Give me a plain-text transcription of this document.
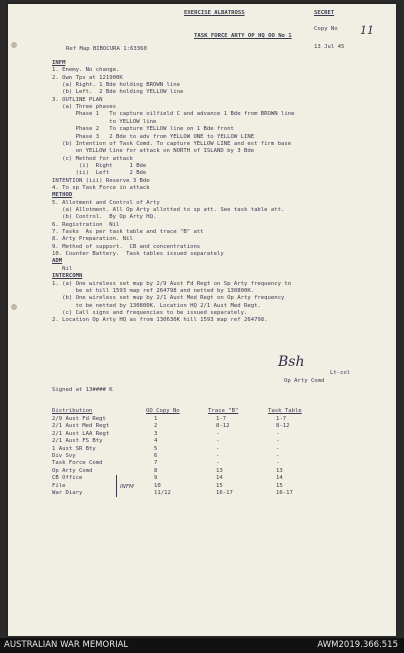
EXERCISE ALBATROSS	SECRET
Copy No 11
TASK FORCE ARTY OP HQ OO No 1
Ref Map BIBOCURA 1:63360	13 Jul 45
INFM
1. Enemy. No change.
2. Own Tps at 121900K
(a) Right. 1 Bde holding BROWN line
(b) Left.  2 Bde holding YELLOW line
3. OUTLINE PLAN
(a) Three phases
Phase 1   To capture oilfield C and advance 1 Bde from BROWN line
to YELLOW line
Phase 2   To capture YELLOW line on 1 Bde front
Phase 3   2 Bde to adv from YELLOW ONE to YELLOW LINE
(b) Intention of Task Comd. To capture YELLOW LINE and est firm base
on YELLOW line for attack on NORTH of ISLAND by 3 Bde
(c) Method for attack
(i)  Right     1 Bde
(ii)  Left      2 Bde
INTENTION (iii) Reserve 3 Bde
4. To sp Task Force in attack
METHOD
5. Allotment and Control of Arty
(a) Allotment. All Op Arty allotted to sp att. See task table att.
(b) Control.  By Op Arty HQ.
6. Registration  Nil
7. Tasks  As per task table and trace "B" att
8. Arty Preparation. Nil
9. Method of support.  CB and concentrations
10. Counter Battery.  Task tables issued separately
ADM
Nil
INTERCOMN
1. (a) One wireless set mup by 2/9 Aust Fd Regt on Sp Arty frequency to
be at hill 1593 map ref 264798 and netted by 130800K.
(b) One wireless set mup by 2/1 Aust Med Regt on Op Arty frequency
to be netted by 130800K. Location HQ 2/1 Aust Med Regt.
(c) Call signs and frequencies to be issued separately.
2. Location Op Arty HQ as from 130630K hill 1593 map ref 264798.
Bsh
Lt-col
Op Arty Comd
Signed at 13#### K
Distribution	OO Copy No	Trace "B"	Task Table
2/9 Aust Fd Regt	1	1-7	1-7
2/1 Aust Med Regt	2	8-12	8-12
2/1 Aust LAA Regt	3	-	-
2/1 Aust FS Bty	4	-	-
1 Aust SR Bty	5	-	-
Div Svy	6	-	-
Task Force Comd	7	-	-
Op Arty Comd	8	13	13
CB Office	9	14	14
File	10	15	15
War Diary	11/12	16-17	16-17
INFM
AUSTRALIAN WAR MEMORIAL	AWM2019.366.515
